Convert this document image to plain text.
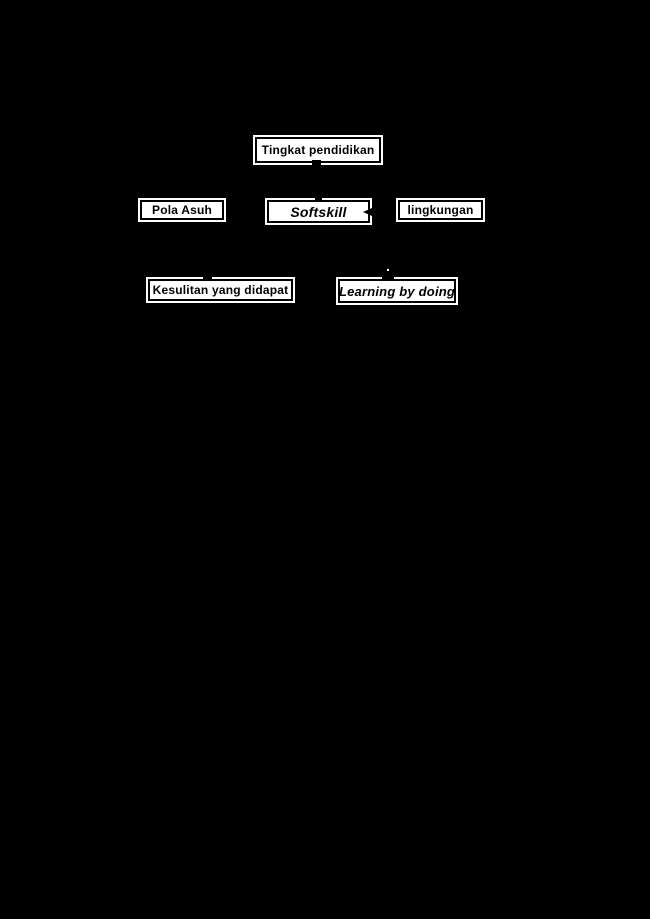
Tingkat pendidikan
Pola Asuh	Softskill	lingkungan
Kesulitan yang didapat	Learning by doing
